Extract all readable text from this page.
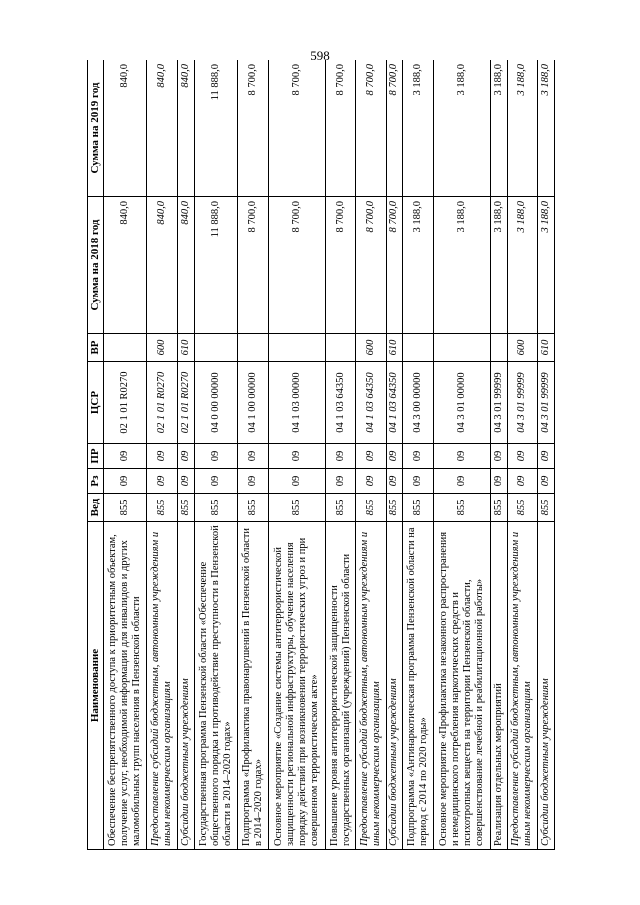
598
Наименование	Вед	Рз	ПР	ЦСР	ВР	Сумма на 2018 год	Сумма на 2019 год
Обеспечение беспрепятственного доступа к приоритетным объектам, получение услуг, необходимой информации для инвалидов и других маломобильных групп населения в Пензенской области	855	09	09	02 1 01 R0270		840,0	840,0
Предоставление субсидий бюджетным, автономным учреждениям и иным некоммерческим организациям	855	09	09	02 1 01 R0270	600	840,0	840,0
Субсидии бюджетным учреждениям	855	09	09	02 1 01 R0270	610	840,0	840,0
Государственная программа Пензенской области «Обеспечение общественного порядка и противодействие преступности в Пензенской области в 2014–2020 годах»	855	09	09	04 0 00 00000		11 888,0	11 888,0
Подпрограмма «Профилактика правонарушений в Пензенской области в 2014–2020 годах»	855	09	09	04 1 00 00000		8 700,0	8 700,0
Основное мероприятие «Создание системы антитеррористической защищенности региональной инфраструктуры, обучение населения порядку действий при возникновении террористических угроз и при совершенном террористическом акте»	855	09	09	04 1 03 00000		8 700,0	8 700,0
Повышение уровня антитеррористической защищенности государственных организаций (учреждений) Пензенской области	855	09	09	04 1 03 64350		8 700,0	8 700,0
Предоставление субсидий бюджетным, автономным учреждениям и иным некоммерческим организациям	855	09	09	04 1 03 64350	600	8 700,0	8 700,0
Субсидии бюджетным учреждениям	855	09	09	04 1 03 64350	610	8 700,0	8 700,0
Подпрограмма «Антинаркотическая программа Пензенской области на период с 2014 по 2020 годы»	855	09	09	04 3 00 00000		3 188,0	3 188,0
Основное мероприятие «Профилактика незаконного распространения и немедицинского потребления наркотических средств и психотропных веществ на территории Пензенской области, совершенствование лечебной и реабилитационной работы»	855	09	09	04 3 01 00000		3 188,0	3 188,0
Реализация отдельных мероприятий	855	09	09	04 3 01 99999		3 188,0	3 188,0
Предоставление субсидий бюджетным, автономным учреждениям и иным некоммерческим организациям	855	09	09	04 3 01 99999	600	3 188,0	3 188,0
Субсидии бюджетным учреждениям	855	09	09	04 3 01 99999	610	3 188,0	3 188,0
